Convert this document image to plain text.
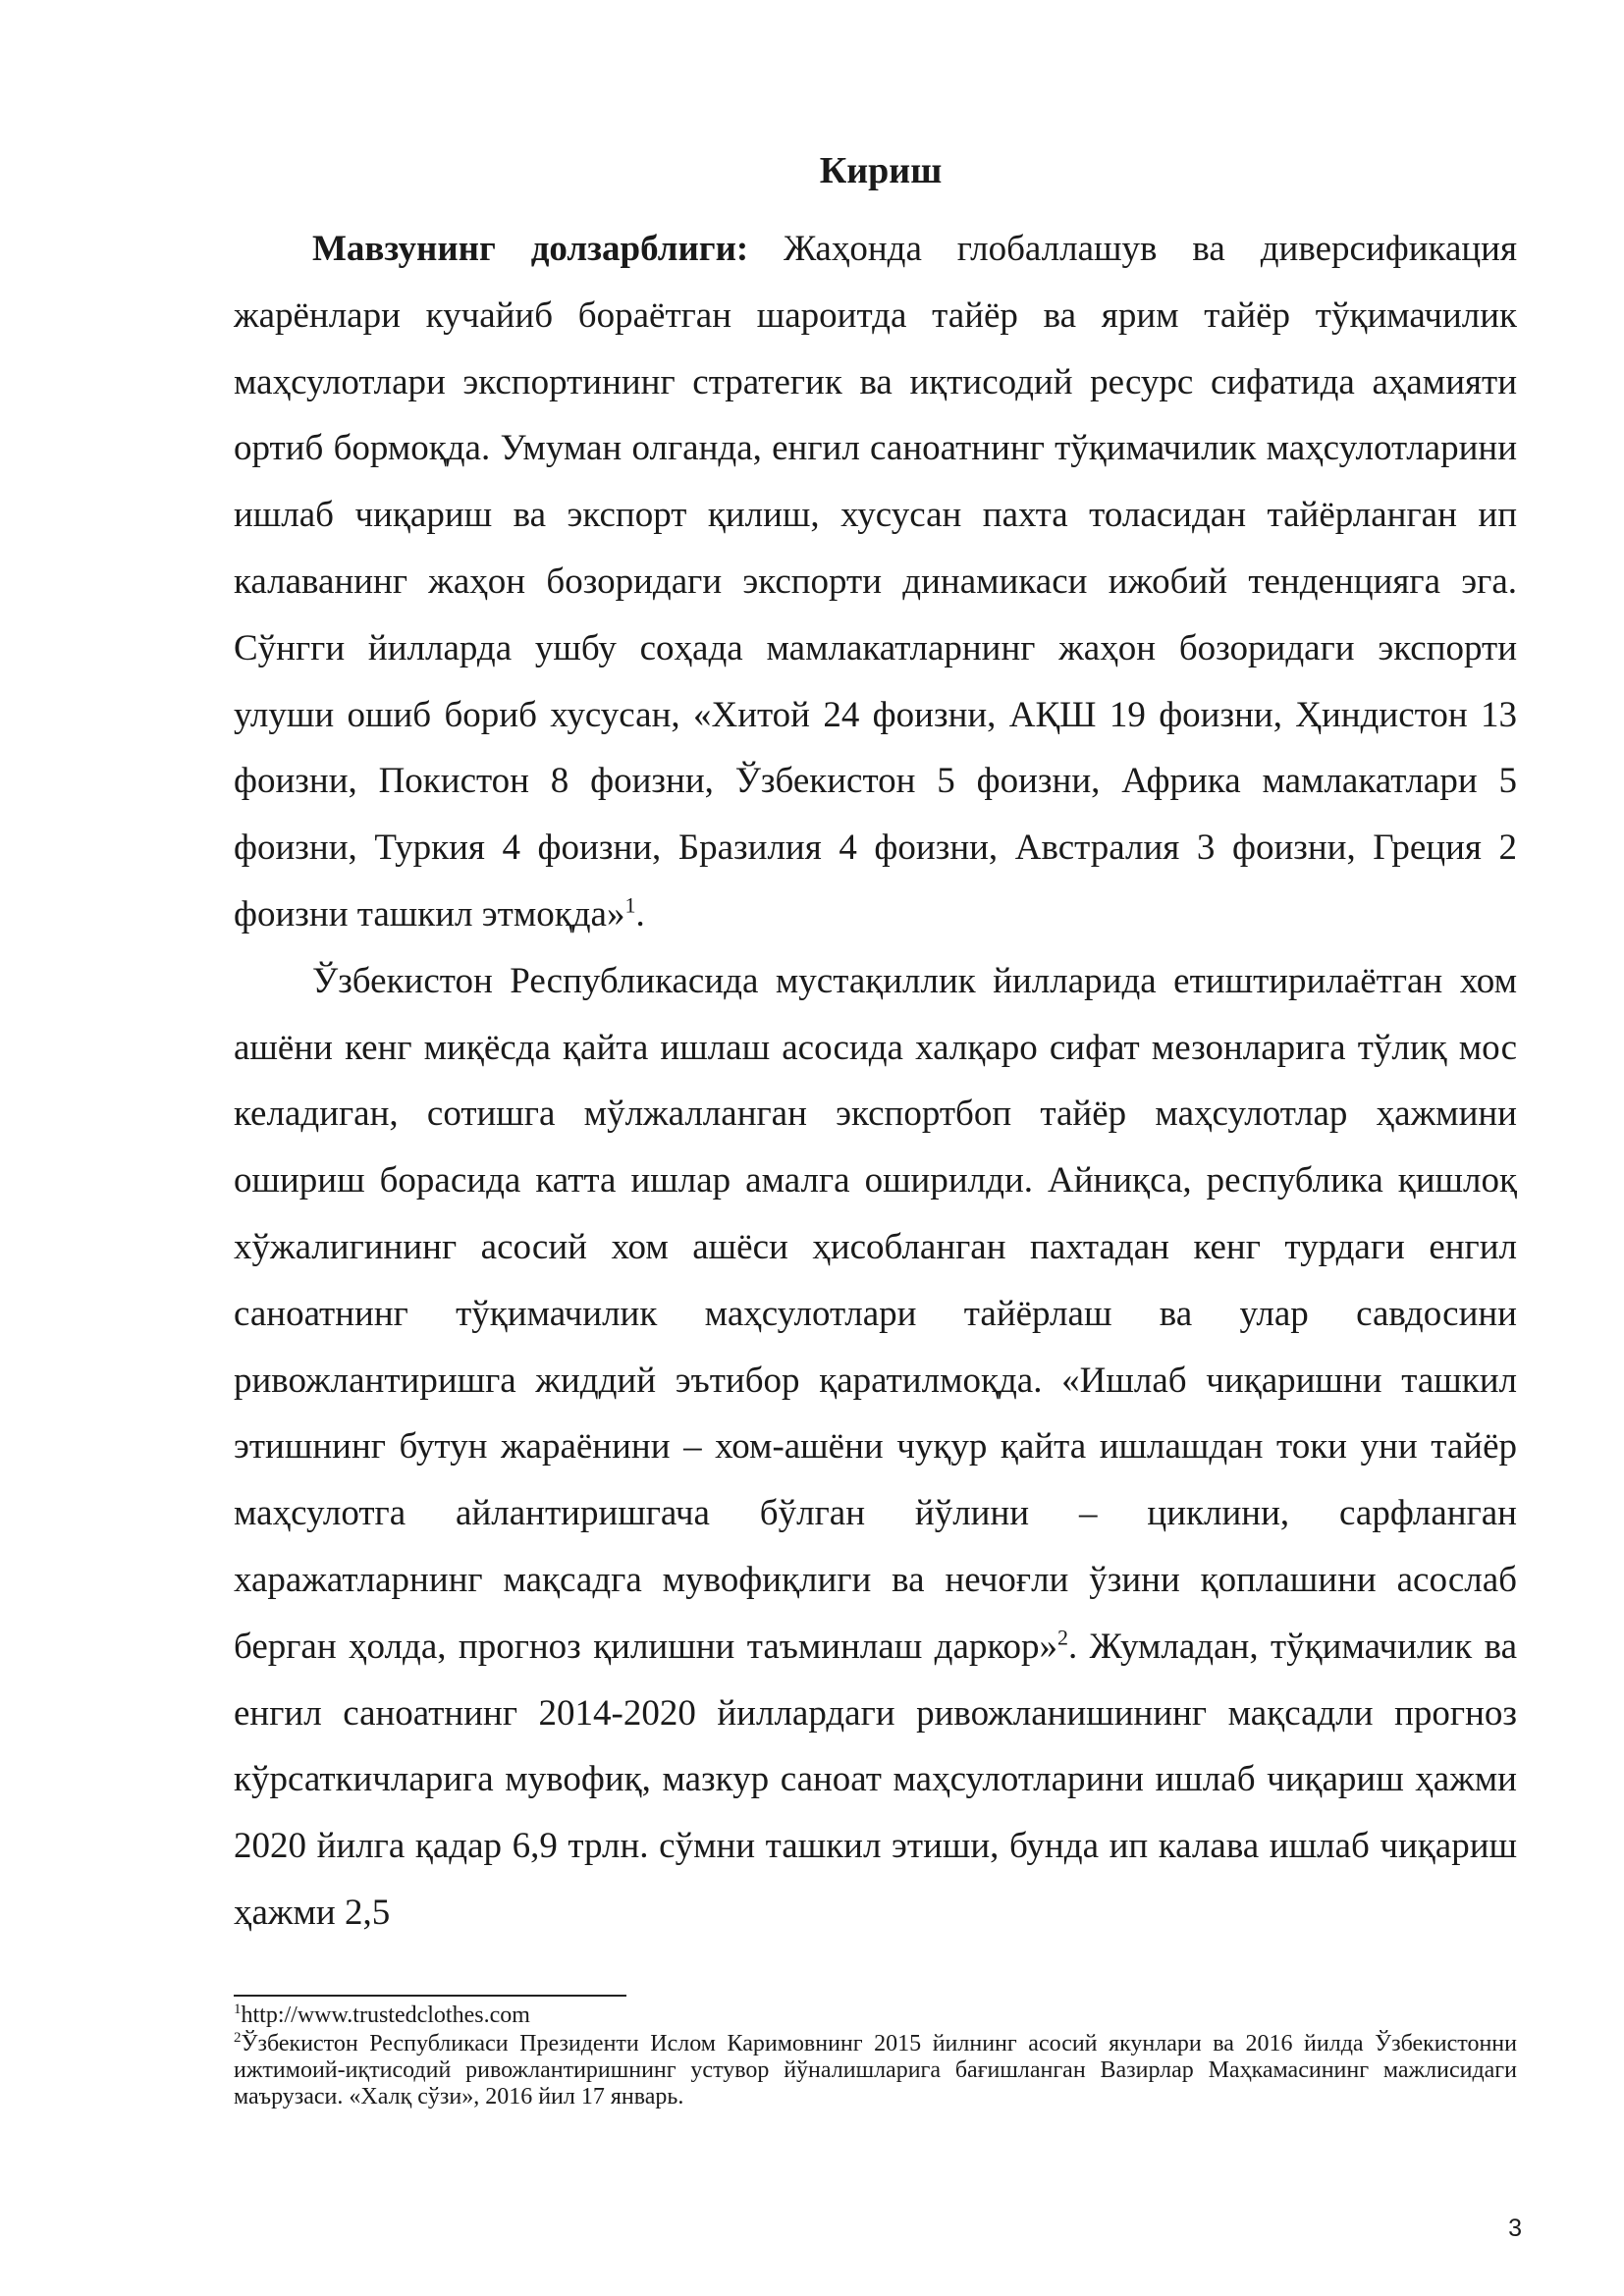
Кириш

Мавзунинг долзарблиги: Жаҳонда глобаллашув ва диверсификация жарёнлари кучайиб бораётган шароитда тайёр ва ярим тайёр тўқимачилик маҳсулотлари экспортининг стратегик ва иқтисодий ресурс сифатида аҳамияти ортиб бормоқда. Умуман олганда, енгил саноатнинг тўқимачилик маҳсулотларини ишлаб чиқариш ва экспорт қилиш, хусусан пахта толасидан тайёрланган ип калаванинг жаҳон бозоридаги экспорти динамикаси ижобий тенденцияга эга. Сўнгги йилларда ушбу соҳада мамлакатларнинг жаҳон бозоридаги экспорти улуши ошиб бориб хусусан, «Хитой 24 фоизни, АҚШ 19 фоизни, Ҳиндистон 13 фоизни, Покистон 8 фоизни, Ўзбекистон 5 фоизни, Африка мамлакатлари 5 фоизни, Туркия 4 фоизни, Бразилия 4 фоизни, Австралия 3 фоизни, Греция 2 фоизни ташкил этмоқда»$^1$.

Ўзбекистон Республикасида мустақиллик йилларида етиштирилаётган хом ашёни кенг миқёсда қайта ишлаш асосида халқаро сифат мезонларига тўлиқ мос келадиган, сотишга мўлжалланган экспортбоп тайёр маҳсулотлар ҳажмини ошириш борасида катта ишлар амалга оширилди. Айниқса, республика қишлоқ хўжалигининг асосий хом ашёси ҳисобланган пахтадан кенг турдаги енгил саноатнинг тўқимачилик маҳсулотлари тайёрлаш ва улар савдосини ривожлантиришга жиддий эътибор қаратилмоқда. «Ишлаб чиқаришни ташкил этишнинг бутун жараёнини – хом-ашёни чуқур қайта ишлашдан токи уни тайёр маҳсулотга айлантиришгача бўлган йўлини – циклини, сарфланган харажатларнинг мақсадга мувофиқлиги ва нечоғли ўзини қоплашини асослаб берган ҳолда, прогноз қилишни таъминлаш даркор»$^2$. Жумладан, тўқимачилик ва енгил саноатнинг 2014-2020 йиллардаги ривожланишининг мақсадли прогноз кўрсаткичларига мувофиқ, мазкур саноат маҳсулотларини ишлаб чиқариш ҳажми 2020 йилга қадар 6,9 трлн. сўмни ташкил этиши, бунда ип калава ишлаб чиқариш ҳажми 2,5

$^1$http://www.trustedclothes.com

$^2$Ўзбекистон Республикаси Президенти Ислом Каримовнинг 2015 йилнинг асосий якунлари ва 2016 йилда Ўзбекистонни ижтимоий-иқтисодий ривожлантиришнинг устувор йўналишларига бағишланган Вазирлар Маҳкамасининг мажлисидаги маърузаси. «Халқ сўзи», 2016 йил 17 январь.

3
